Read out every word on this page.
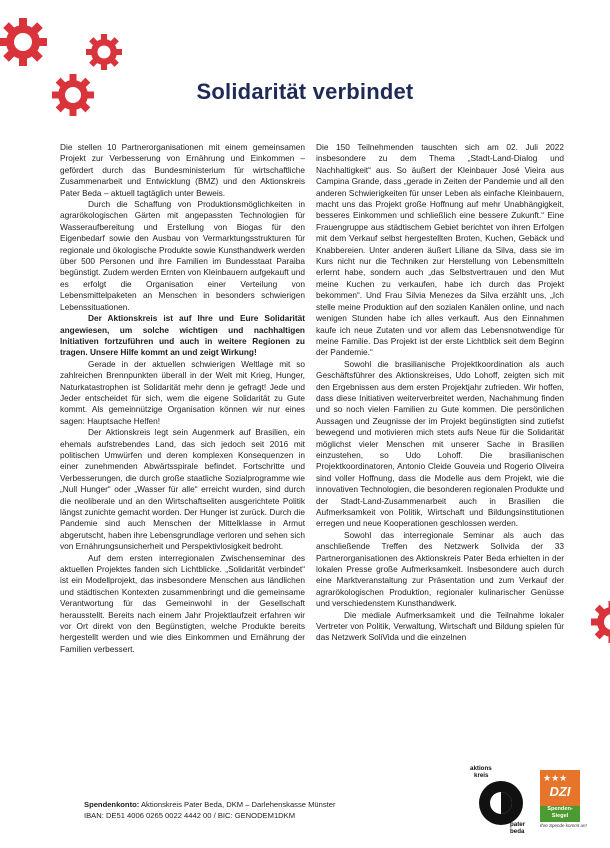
Solidarität verbindet

Die stellen 10 Partnerorganisationen mit einem gemeinsamen Projekt zur Verbesserung von Ernährung und Einkommen – gefördert durch das Bundesministerium für wirtschaftliche Zusammenarbeit und Entwicklung (BMZ) und den Aktionskreis Pater Beda – aktuell tagtäglich unter Beweis.

Durch die Schaffung von Produktionsmöglichkeiten in agrarökologischen Gärten mit angepassten Technologien für Wasseraufbereitung und Erstellung von Biogas für den Eigenbedarf sowie den Ausbau von Vermarktungsstrukturen für regionale und ökologische Produkte sowie Kunsthandwerk werden über 500 Personen und ihre Familien im Bundesstaat Paraiba begünstigt. Zudem werden Ernten von Kleinbauern aufgekauft und es erfolgt die Organisation einer Verteilung von Lebensmittelpaketen an Menschen in besonders schwierigen Lebenssituationen.

Der Aktionskreis ist auf Ihre und Eure Solidarität angewiesen, um solche wichtigen und nachhaltigen Initiativen fortzuführen und auch in weitere Regionen zu tragen. Unsere Hilfe kommt an und zeigt Wirkung!

Gerade in der aktuellen schwierigen Weltlage mit so zahlreichen Brennpunkten überall in der Welt mit Krieg, Hunger, Naturkatastrophen ist Solidarität mehr denn je gefragt! Jede und Jeder entscheidet für sich, wem die eigene Solidarität zu Gute kommt. Als gemeinnützige Organisation können wir nur eines sagen: Hauptsache Helfen!

Der Aktionskreis legt sein Augenmerk auf Brasilien, ein ehemals aufstrebendes Land, das sich jedoch seit 2016 mit politischen Umwürfen und deren komplexen Konsequenzen in einer zunehmenden Abwärtsspirale befindet. Fortschritte und Verbesserungen, die durch große staatliche Sozialprogramme wie „Null Hunger“ oder „Wasser für alle“ erreicht wurden, sind durch die neoliberale und an den Wirtschaftseliten ausgerichtete Politik längst zunichte gemacht worden. Der Hunger ist zurück. Durch die Pandemie sind auch Menschen der Mittelklasse in Armut abgerutscht, haben ihre Lebensgrundlage verloren und sehen sich von Ernährungsunsicherheit und Perspektivlosigkeit bedroht.

Auf dem ersten interregionalen Zwischenseminar des aktuellen Projektes fanden sich Lichtblicke. „Solidarität verbindet“ ist ein Modellprojekt, das insbesondere Menschen aus ländlichen und städtischen Kontexten zusammenbringt und die gemeinsame Verantwortung für das Gemeinwohl in der Gesellschaft herausstellt. Bereits nach einem Jahr Projektlaufzeit erfahren wir vor Ort direkt von den Begünstigten, welche Produkte bereits hergestellt werden und wie dies Einkommen und Ernährung der Familien verbessert.

Die 150 Teilnehmenden tauschten sich am 02. Juli 2022 insbesondere zu dem Thema „Stadt-Land-Dialog und Nachhaltigkeit“ aus. So äußert der Kleinbauer José Vieira aus Campina Grande, dass „gerade in Zeiten der Pandemie und all den anderen Schwierigkeiten für unser Leben als einfache Kleinbauern, macht uns das Projekt große Hoffnung auf mehr Unabhängigkeit, besseres Einkommen und schließlich eine bessere Zukunft.“ Eine Frauengruppe aus städtischem Gebiet berichtet von ihren Erfolgen mit dem Verkauf selbst hergestellten Broten, Kuchen, Gebäck und Knabbereien. Unter anderen äußert Liliane da Silva, dass sie im Kurs nicht nur die Techniken zur Herstellung von Lebensmitteln erlernt habe, sondern auch „das Selbstvertrauen und den Mut meine Kuchen zu verkaufen, habe ich durch das Projekt bekommen“. Und Frau Silvia Menezes da Silva erzählt uns, „Ich stelle meine Produktion auf den sozialen Kanälen online, und nach wenigen Stunden habe ich alles verkauft. Aus den Einnahmen kaufe ich neue Zutaten und vor allem das Lebensnotwendige für meine Familie. Das Projekt ist der erste Lichtblick seit dem Beginn der Pandemie.“

Sowohl die brasilianische Projektkoordination als auch Geschäftsführer des Aktionskreises, Udo Lohoff, zeigten sich mit den Ergebnissen aus dem ersten Projektjahr zufrieden. Wir hoffen, dass diese Initiativen weiterverbreitet werden, Nachahmung finden und so noch vielen Familien zu Gute kommen. Die persönlichen Aussagen und Zeugnisse der im Projekt begünstigten sind zutiefst bewegend und motivieren mich stets aufs Neue für die Solidarität möglichst vieler Menschen mit unserer Sache in Brasilien einzustehen, so Udo Lohoff. Die brasilianischen Projektkoordinatoren, Antonio Cleide Gouveia und Rogerio Oliveira sind voller Hoffnung, dass die Modelle aus dem Projekt, wie die innovativen Technologien, die besonderen regionalen Produkte und der Stadt-Land-Zusammenarbeit auch in Brasilien die Aufmerksamkeit von Politik, Wirtschaft und Bildungsinstitutionen erregen und neue Kooperationen geschlossen werden.

Sowohl das interregionale Seminar als auch das anschließende Treffen des Netzwerk Solivida der 33 Partnerorganisationen des Aktionskreis Pater Beda erhielten in der lokalen Presse große Aufmerksamkeit. Insbesondere auch durch eine Marktveranstaltung zur Präsentation und zum Verkauf der agrarökologischen Produktion, regionaler kulinarischer Genüsse und verschiedenstem Kunsthandwerk.

Die mediale Aufmerksamkeit und die Teilnahme lokaler Vertreter von Politik, Verwaltung, Wirtschaft und Bildung spielen für das Netzwerk SoliVida und die einzelnen

Spendenkonto: Aktionskreis Pater Beda, DKM – Darlehenskasse Münster
IBAN: DE51 4006 0265 0022 4442 00 / BIC: GENODEM1DKM
aktions
kreis
pater
beda
★★★
DZI
Spenden-Siegel
Ihre Spende kommt an!
